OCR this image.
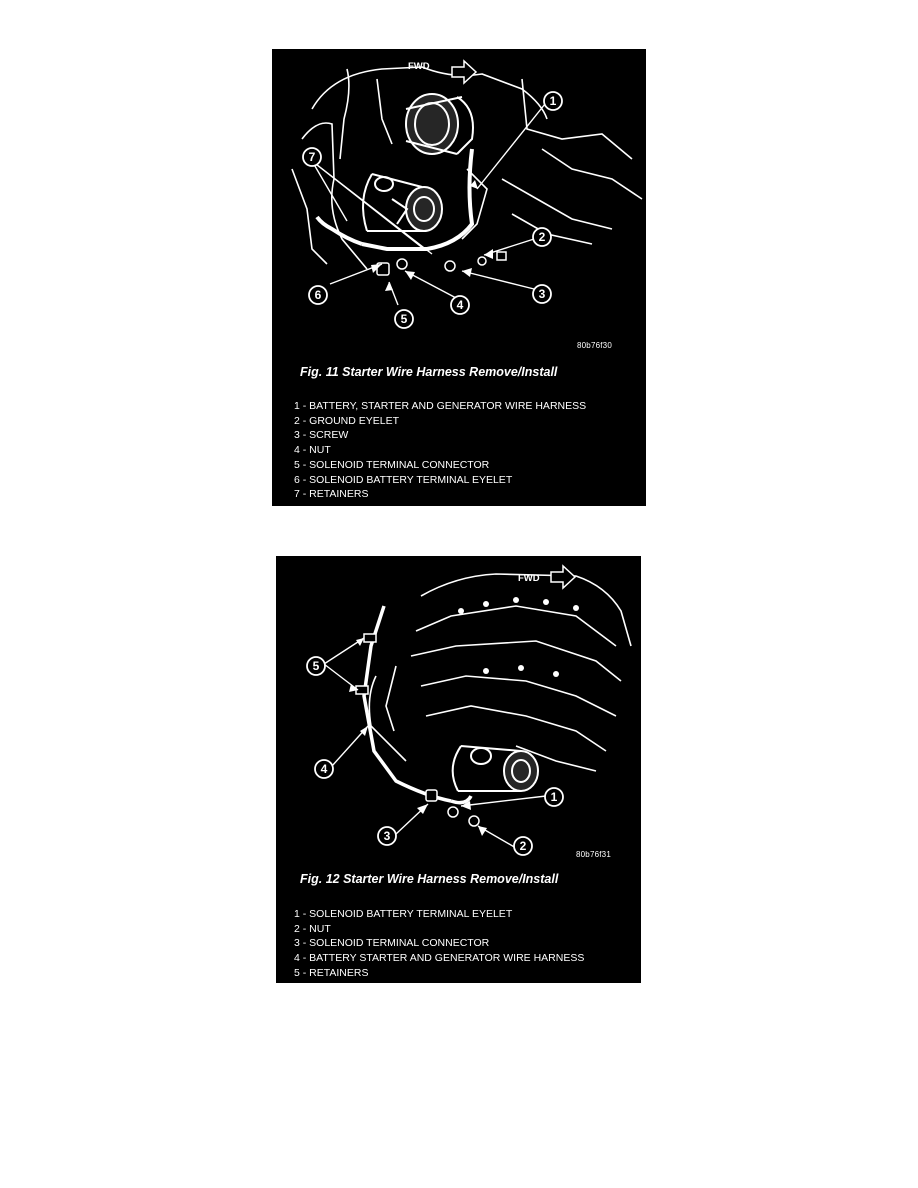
FWD
1
2
3
4
5
6
7
80b76f30
Fig. 11 Starter Wire Harness Remove/Install
1 - BATTERY, STARTER AND GENERATOR WIRE HARNESS
2 - GROUND EYELET
3 - SCREW
4 - NUT
5 - SOLENOID TERMINAL CONNECTOR
6 - SOLENOID BATTERY TERMINAL EYELET
7 - RETAINERS
FWD
1
2
3
4
5
80b76f31
Fig. 12 Starter Wire Harness Remove/Install
1 - SOLENOID BATTERY TERMINAL EYELET
2 - NUT
3 - SOLENOID TERMINAL CONNECTOR
4 - BATTERY STARTER AND GENERATOR WIRE HARNESS
5 - RETAINERS
